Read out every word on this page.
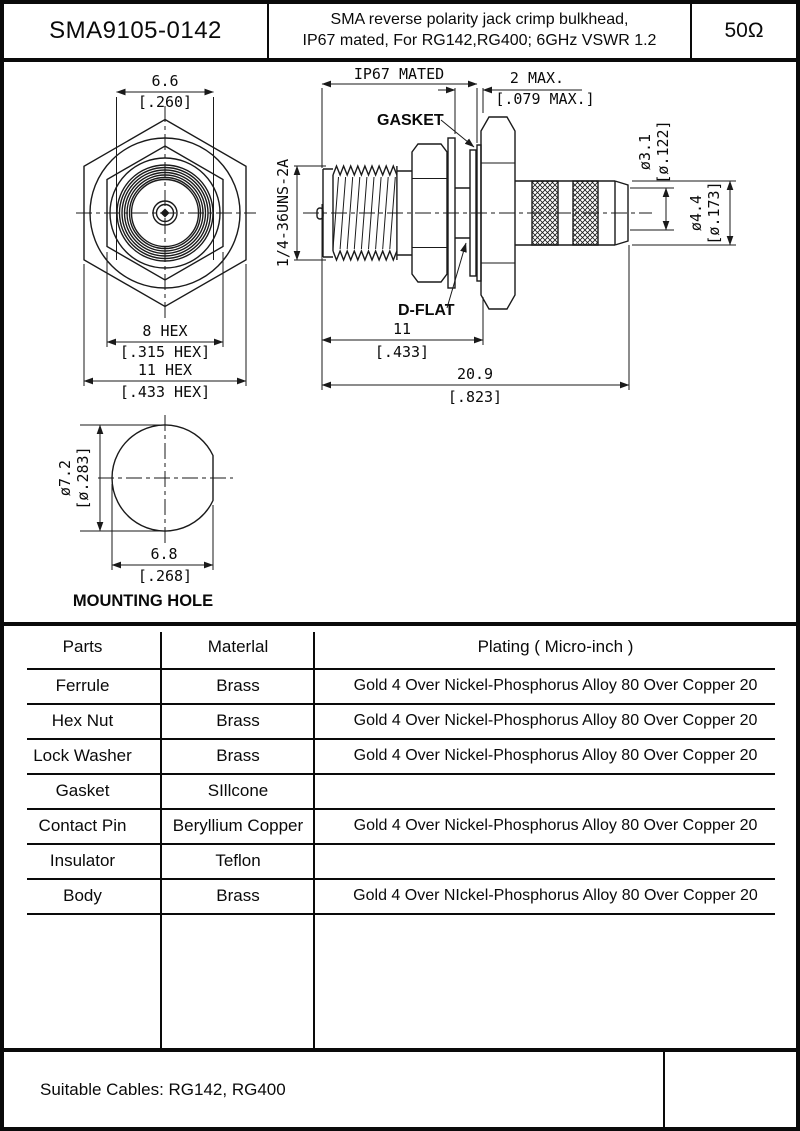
SMA9105-0142	SMA reverse polarity jack crimp bulkhead,
IP67 mated, For RG142,RG400; 6GHz VSWR 1.2	50Ω
6.6
[.260]
8 HEX
[.315 HEX]
11 HEX
[.433 HEX]
IP67 MATED	2 MAX.
[.079 MAX.]
GASKET
D-FLAT
1/4-36UNS-2A
11
[.433]
20.9
[.823]
ø3.1 [ø.122]
ø4.4 [ø.173]
ø7.2 [ø.283]
6.8
[.268]
MOUNTING HOLE
Parts	Materlal	Plating ( Micro-inch )
Ferrule	Brass	Gold 4 Over Nickel-Phosphorus Alloy 80 Over Copper 20
Hex Nut	Brass	Gold 4 Over Nickel-Phosphorus Alloy 80 Over Copper 20
Lock Washer	Brass	Gold 4 Over Nickel-Phosphorus Alloy 80 Over Copper 20
Gasket	SIllcone
Contact Pin	Beryllium Copper	Gold 4 Over Nickel-Phosphorus Alloy 80 Over Copper 20
Insulator	Teflon
Body	Brass	Gold 4 Over NIckel-Phosphorus Alloy 80 Over Copper 20
Suitable Cables: RG142, RG400
